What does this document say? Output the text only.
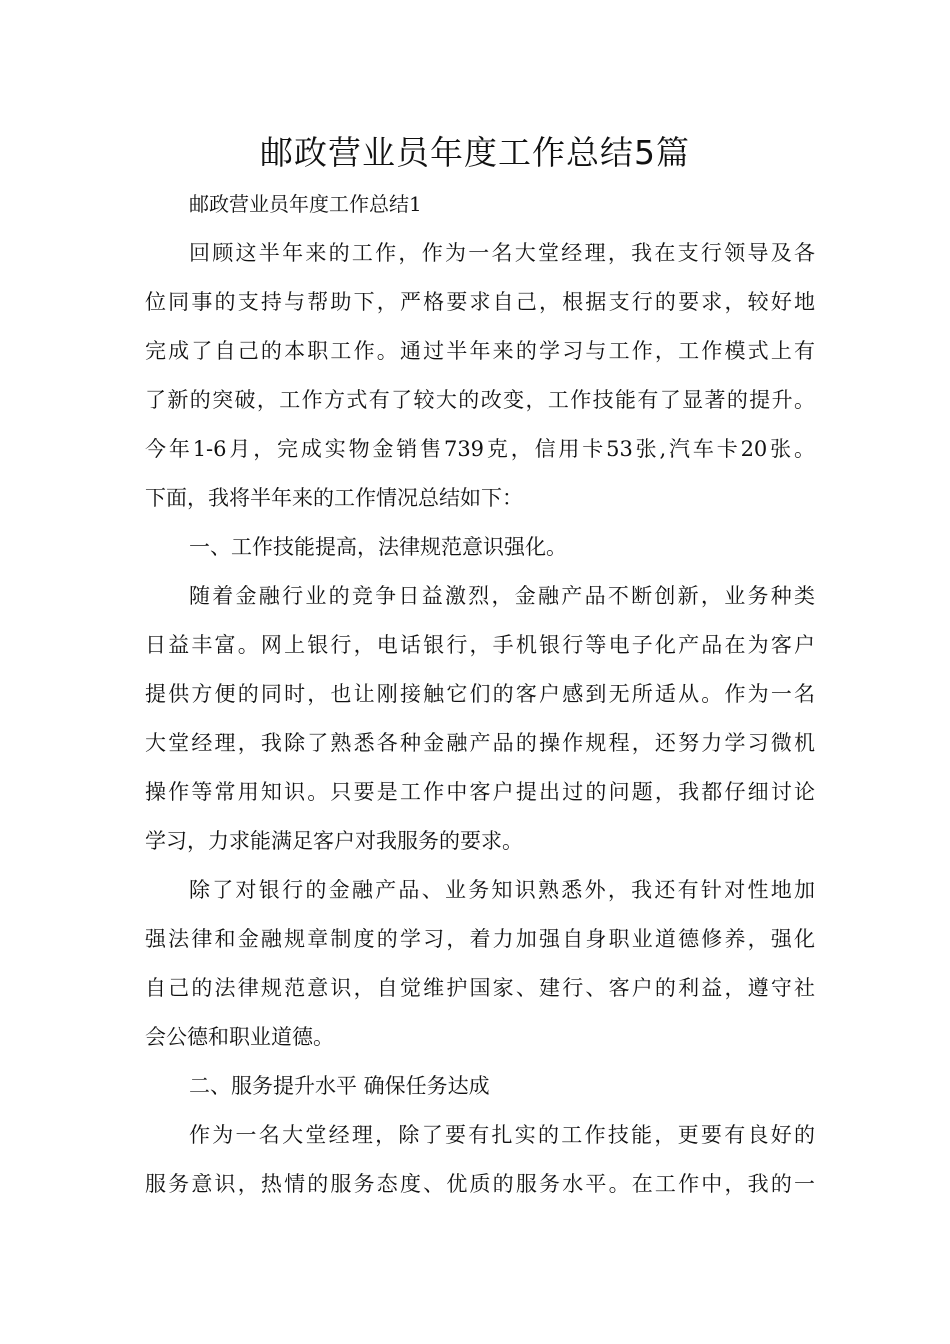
邮政营业员年度工作总结5篇
邮政营业员年度工作总结1
回顾这半年来的工作，作为一名大堂经理，我在支行领导及各
位同事的支持与帮助下，严格要求自己，根据支行的要求，较好地
完成了自己的本职工作。通过半年来的学习与工作，工作模式上有
了新的突破，工作方式有了较大的改变，工作技能有了显著的提升。
今年1-6月，完成实物金销售739克，信用卡53张,汽车卡20张。
下面，我将半年来的工作情况总结如下：
一、工作技能提高，法律规范意识强化。
随着金融行业的竞争日益激烈，金融产品不断创新，业务种类
日益丰富。网上银行，电话银行，手机银行等电子化产品在为客户
提供方便的同时，也让刚接触它们的客户感到无所适从。作为一名
大堂经理，我除了熟悉各种金融产品的操作规程，还努力学习微机
操作等常用知识。只要是工作中客户提出过的问题，我都仔细讨论
学习，力求能满足客户对我服务的要求。
除了对银行的金融产品、业务知识熟悉外，我还有针对性地加
强法律和金融规章制度的学习，着力加强自身职业道德修养，强化
自己的法律规范意识，自觉维护国家、建行、客户的利益，遵守社
会公德和职业道德。
二、服务提升水平 确保任务达成
作为一名大堂经理，除了要有扎实的工作技能，更要有良好的
服务意识，热情的服务态度、优质的服务水平。在工作中，我的一
